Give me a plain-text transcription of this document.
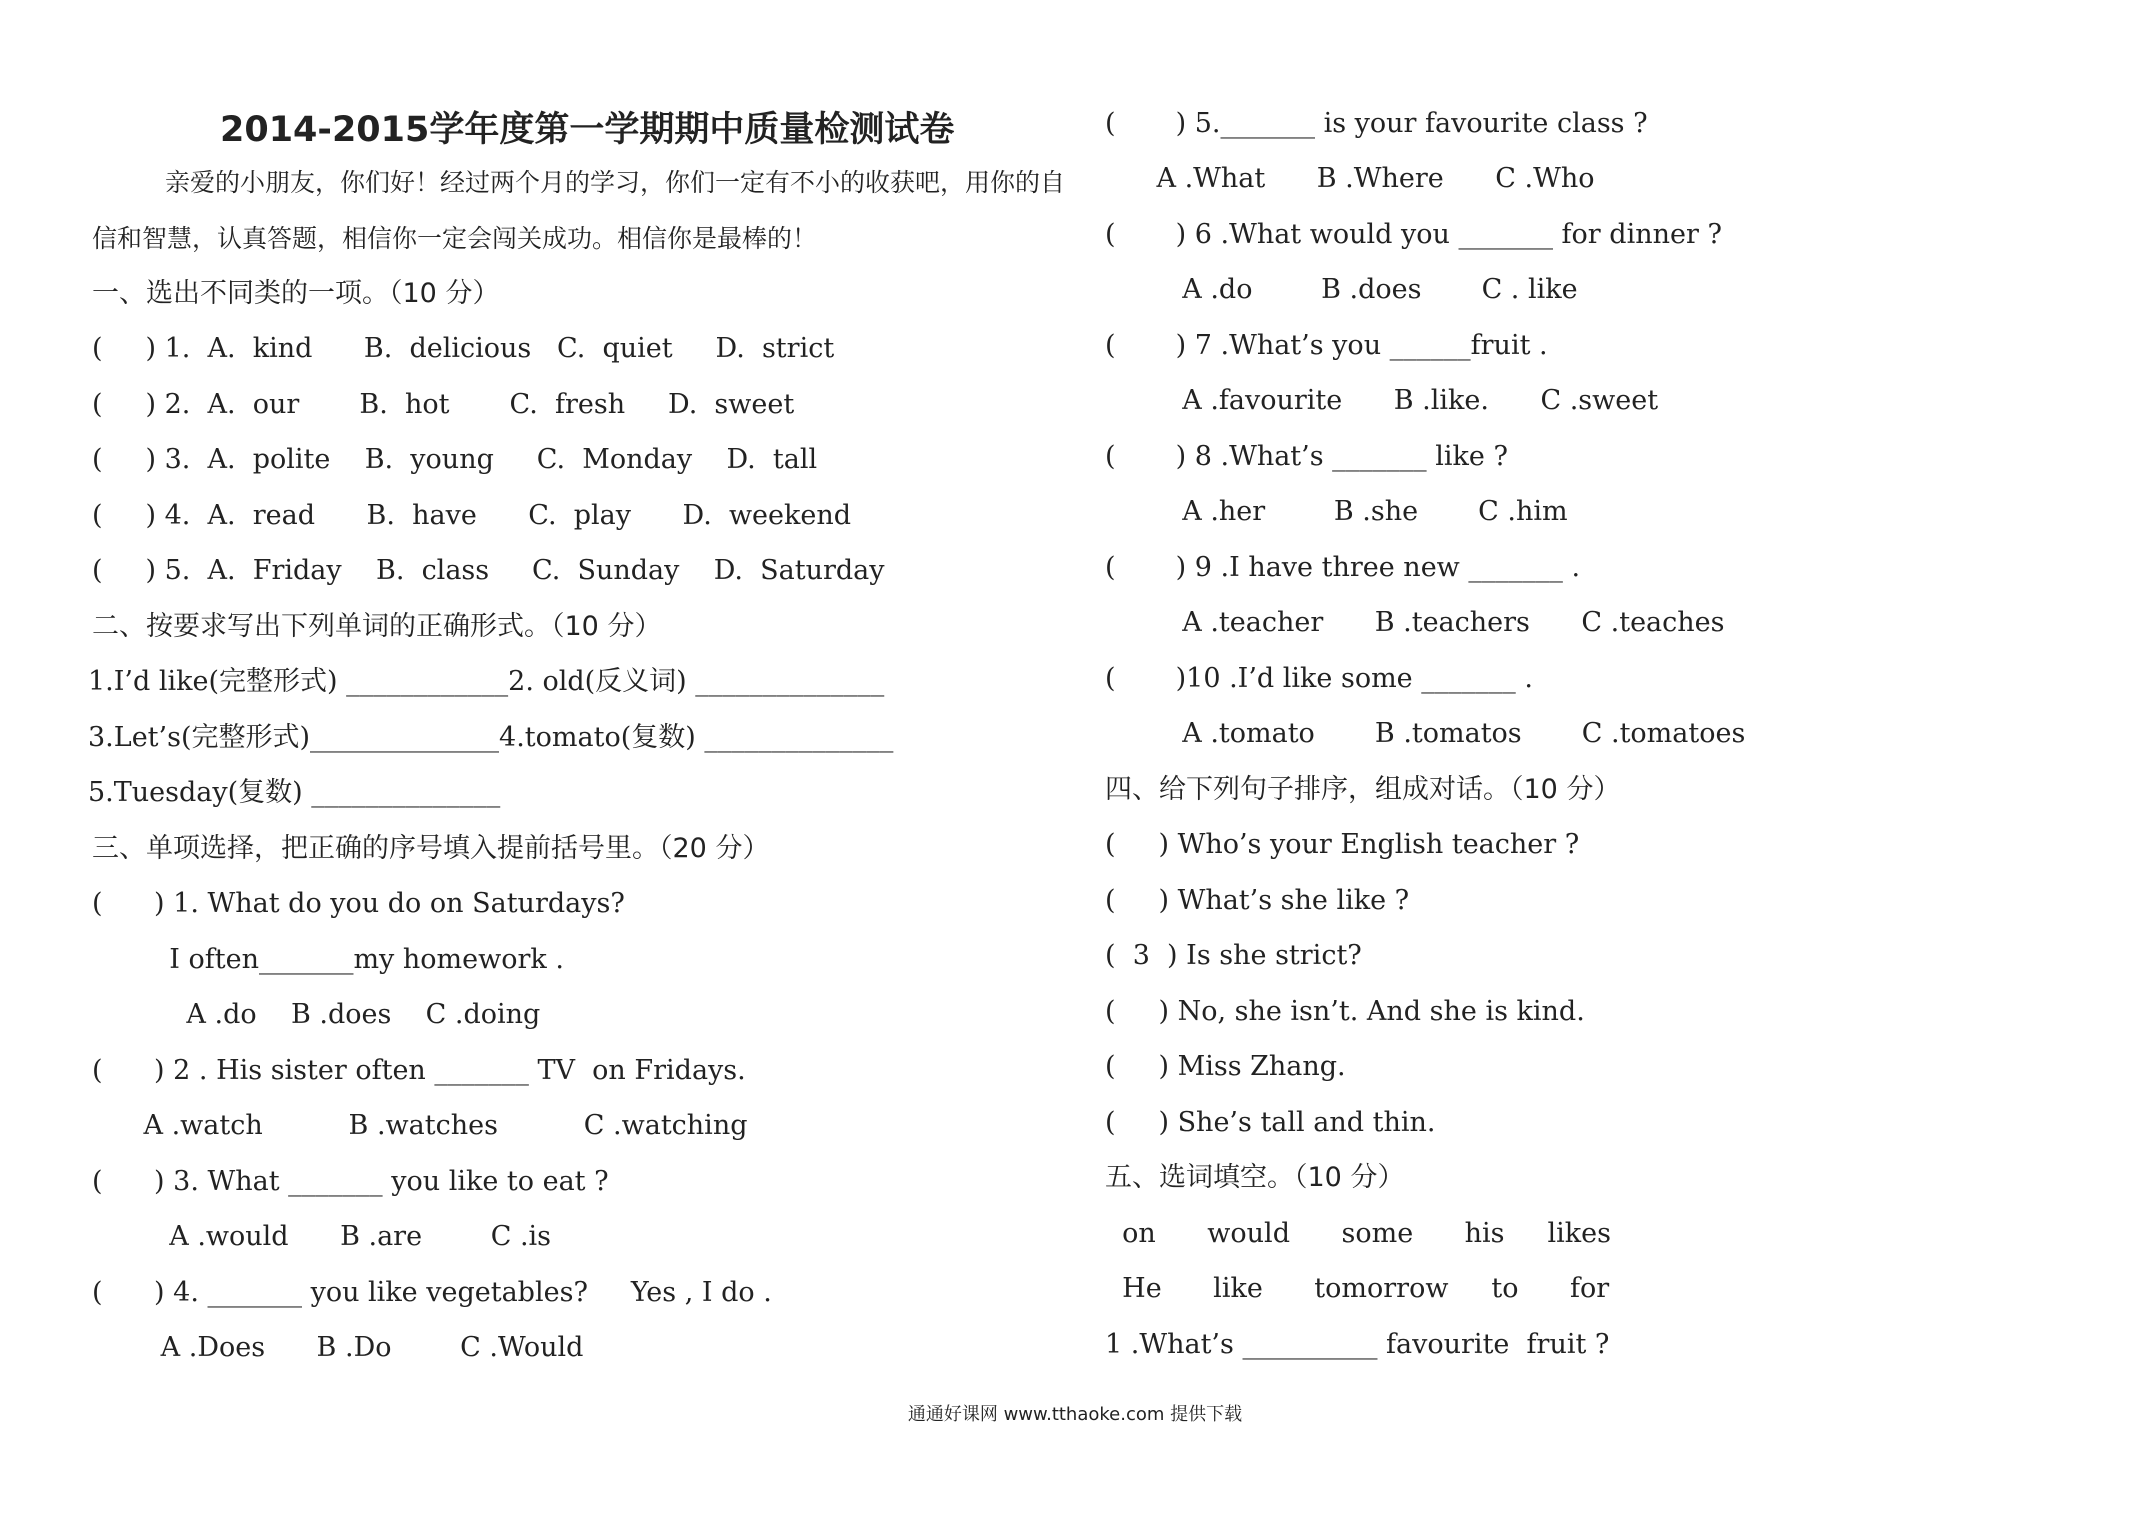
2014-2015学年度第一学期期中质量检测试卷
亲爱的小朋友，你们好！经过两个月的学习，你们一定有不小的收获吧，用你的自
信和智慧，认真答题，相信你一定会闯关成功。相信你是最棒的！
一、选出不同类的一项。（10 分）
(     ) 1.  A.  kind      B.  delicious   C.  quiet     D.  strict
(     ) 2.  A.  our       B.  hot       C.  fresh     D.  sweet
(     ) 3.  A.  polite    B.  young     C.  Monday    D.  tall
(     ) 4.  A.  read      B.  have      C.  play      D.  weekend
(     ) 5.  A.  Friday    B.  class     C.  Sunday    D.  Saturday
二、按要求写出下列单词的正确形式。（10 分）
1.I’d like(完整形式) ____________2. old(反义词) ______________
3.Let’s(完整形式)______________4.tomato(复数) ______________
5.Tuesday(复数) ______________
三、单项选择，把正确的序号填入提前括号里。（20 分）
(      ) 1. What do you do on Saturdays?
I often_______my homework .
A .do    B .does    C .doing
(      ) 2 . His sister often _______ TV  on Fridays.
A .watch          B .watches          C .watching
(      ) 3. What _______ you like to eat ?
A .would      B .are        C .is
(      ) 4. _______ you like vegetables?     Yes , I do .
A .Does      B .Do        C .Would
(       ) 5._______ is your favourite class ?
A .What      B .Where      C .Who
(       ) 6 .What would you _______ for dinner ?
A .do        B .does       C . like
(       ) 7 .What’s you ______fruit .
A .favourite      B .like.      C .sweet
(       ) 8 .What’s _______ like ?
A .her        B .she       C .him
(       ) 9 .I have three new _______ .
A .teacher      B .teachers      C .teaches
(       )10 .I’d like some _______ .
A .tomato       B .tomatos       C .tomatoes
四、给下列句子排序，组成对话。（10 分）
(     ) Who’s your English teacher ?
(     ) What’s she like ?
(  3  ) Is she strict?
(     ) No, she isn’t. And she is kind.
(     ) Miss Zhang.
(     ) She’s tall and thin.
五、选词填空。（10 分）
on      would      some      his     likes
He      like      tomorrow     to      for
1 .What’s __________ favourite  fruit ?
通通好课网 www.tthaoke.com 提供下载
